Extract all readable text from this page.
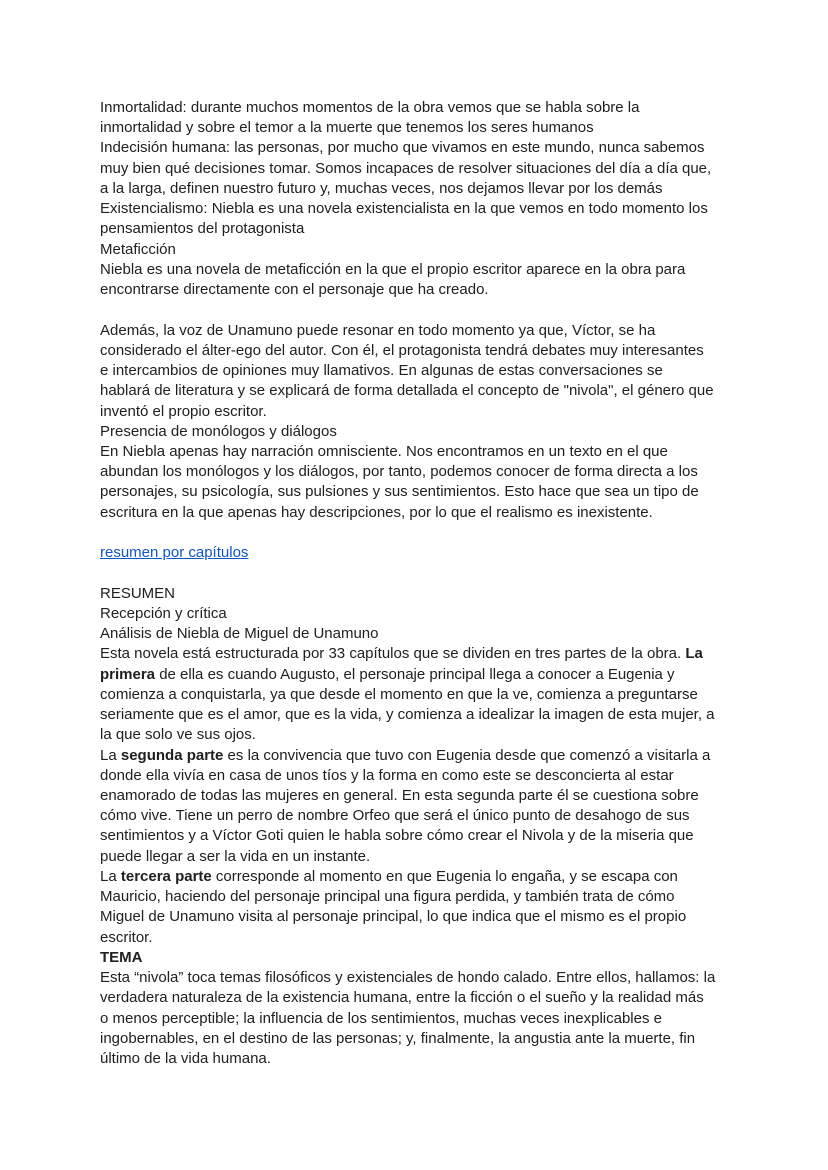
Inmortalidad: durante muchos momentos de la obra vemos que se habla sobre la
inmortalidad y sobre el temor a la muerte que tenemos los seres humanos
Indecisión humana: las personas, por mucho que vivamos en este mundo, nunca sabemos
muy bien qué decisiones tomar. Somos incapaces de resolver situaciones del día a día que,
a la larga, definen nuestro futuro y, muchas veces, nos dejamos llevar por los demás
Existencialismo: Niebla es una novela existencialista en la que vemos en todo momento los
pensamientos del protagonista
Metaficción
Niebla es una novela de metaficción en la que el propio escritor aparece en la obra para
encontrarse directamente con el personaje que ha creado.
Además, la voz de Unamuno puede resonar en todo momento ya que, Víctor, se ha
considerado el álter-ego del autor. Con él, el protagonista tendrá debates muy interesantes
e intercambios de opiniones muy llamativos. En algunas de estas conversaciones se
hablará de literatura y se explicará de forma detallada el concepto de "nivola", el género que
inventó el propio escritor.
Presencia de monólogos y diálogos
En Niebla apenas hay narración omnisciente. Nos encontramos en un texto en el que
abundan los monólogos y los diálogos, por tanto, podemos conocer de forma directa a los
personajes, su psicología, sus pulsiones y sus sentimientos. Esto hace que sea un tipo de
escritura en la que apenas hay descripciones, por lo que el realismo es inexistente.
resumen por capítulos
RESUMEN
Recepción y crítica
Análisis de Niebla de Miguel de Unamuno
Esta novela está estructurada por 33 capítulos que se dividen en tres partes de la obra. La
primera de ella es cuando Augusto, el personaje principal llega a conocer a Eugenia y
comienza a conquistarla, ya que desde el momento en que la ve, comienza a preguntarse
seriamente que es el amor, que es la vida, y comienza a idealizar la imagen de esta mujer, a
la que solo ve sus ojos.
La segunda parte es la convivencia que tuvo con Eugenia desde que comenzó a visitarla a
donde ella vivía en casa de unos tíos y la forma en como este se desconcierta al estar
enamorado de todas las mujeres en general. En esta segunda parte él se cuestiona sobre
cómo vive. Tiene un perro de nombre Orfeo que será el único punto de desahogo de sus
sentimientos y a Víctor Goti quien le habla sobre cómo crear el Nivola y de la miseria que
puede llegar a ser la vida en un instante.
La tercera parte corresponde al momento en que Eugenia lo engaña, y se escapa con
Mauricio, haciendo del personaje principal una figura perdida, y también trata de cómo
Miguel de Unamuno visita al personaje principal, lo que indica que el mismo es el propio
escritor.
TEMA
Esta “nivola” toca temas filosóficos y existenciales de hondo calado. Entre ellos, hallamos: la
verdadera naturaleza de la existencia humana, entre la ficción o el sueño y la realidad más
o menos perceptible; la influencia de los sentimientos, muchas veces inexplicables e
ingobernables, en el destino de las personas; y, finalmente, la angustia ante la muerte, fin
último de la vida humana.
